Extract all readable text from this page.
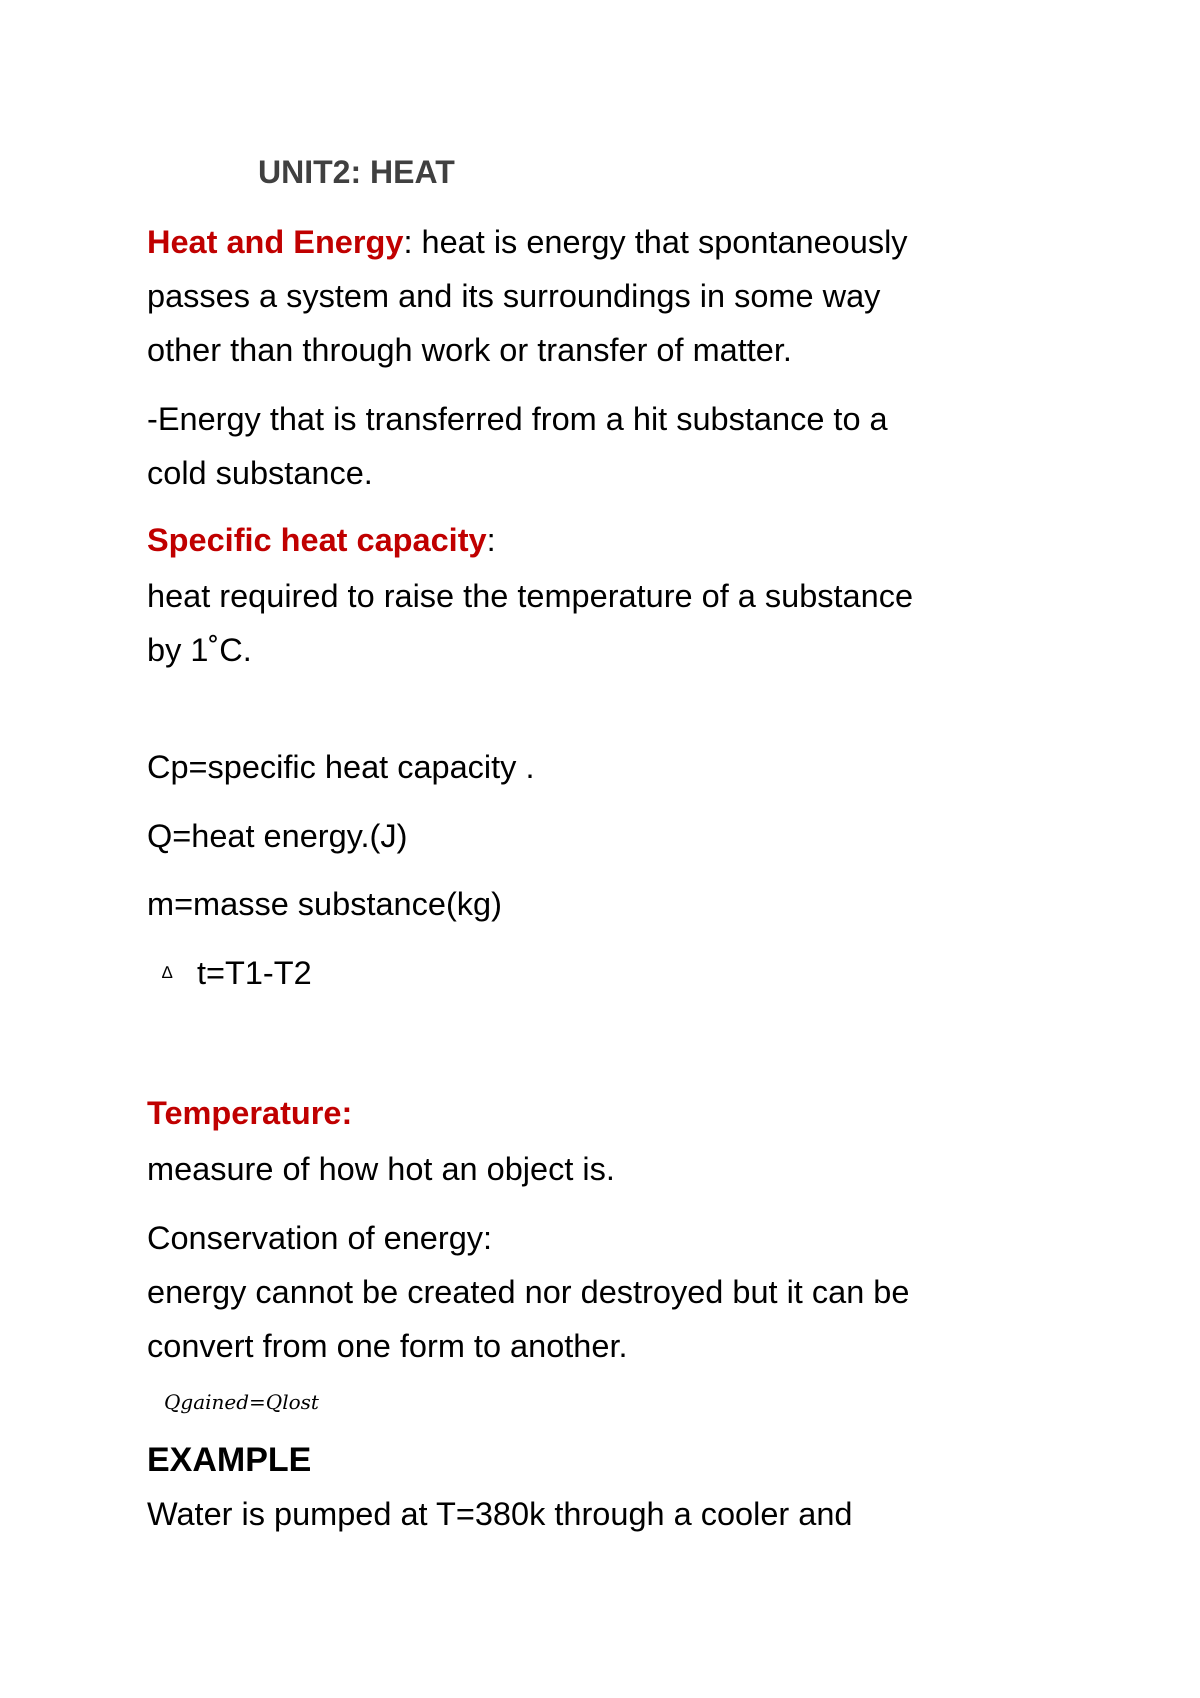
UNIT2: HEAT
Heat and Energy: heat is energy that spontaneously
passes a system and its surroundings in some way
other than through work or transfer of matter.
-Energy that is transferred from a hit substance to a
cold substance.
Specific heat capacity:
heat required to raise the temperature of a substance
by 1˚C.
Cp=specific heat capacity .
Q=heat energy.(J)
m=masse substance(kg)
∆ t=T1-T2
Temperature:
measure of how hot an object is.
Conservation of energy:
energy cannot be created nor destroyed but it can be
convert from one form to another.
Qgained=Qlost
EXAMPLE
Water is pumped at T=380k through a cooler and
